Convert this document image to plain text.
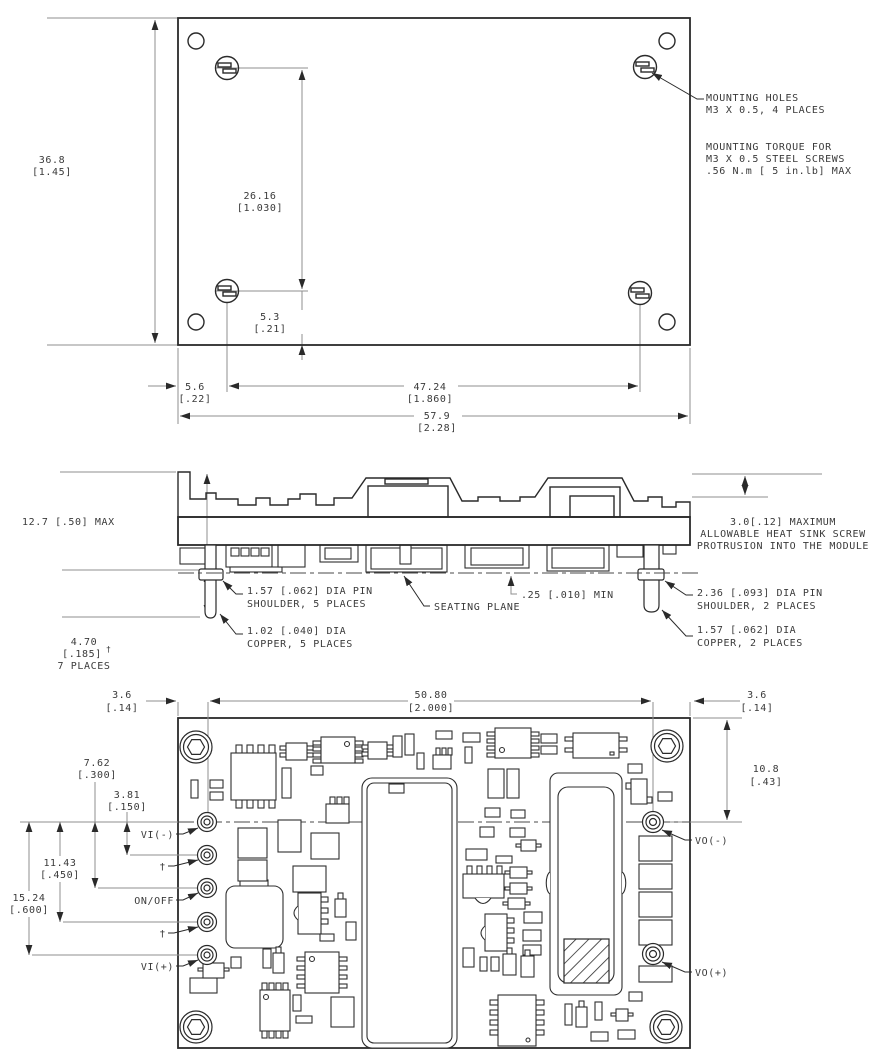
36.8
[1.45]
26.16
[1.030]
5.3
[.21]
5.6
[.22]
47.24
[1.860]
57.9
[2.28]
MOUNTING HOLES
M3 X 0.5, 4 PLACES
MOUNTING TORQUE FOR
M3 X 0.5 STEEL SCREWS
.56 N.m [ 5 in.lb] MAX
12.7 [.50] MAX
4.70
[.185] †
7 PLACES
1.57 [.062] DIA PIN
SHOULDER, 5 PLACES	SEATING PLANE
.25 [.010] MIN
1.02 [.040] DIA
COPPER, 5 PLACES
2.36 [.093] DIA PIN
SHOULDER, 2 PLACES
1.57 [.062] DIA
COPPER, 2 PLACES
3.0[.12] MAXIMUM
ALLOWABLE HEAT SINK SCREW
PROTRUSION INTO THE MODULE
3.6
[.14]
50.80
[2.000]
3.6
[.14]
10.8
[.43]
7.62
[.300]
3.81
[.150]
11.43
[.450]
15.24
[.600]
VI(-)
†
ON/OFF
†
VI(+)
VO(-)
VO(+)
